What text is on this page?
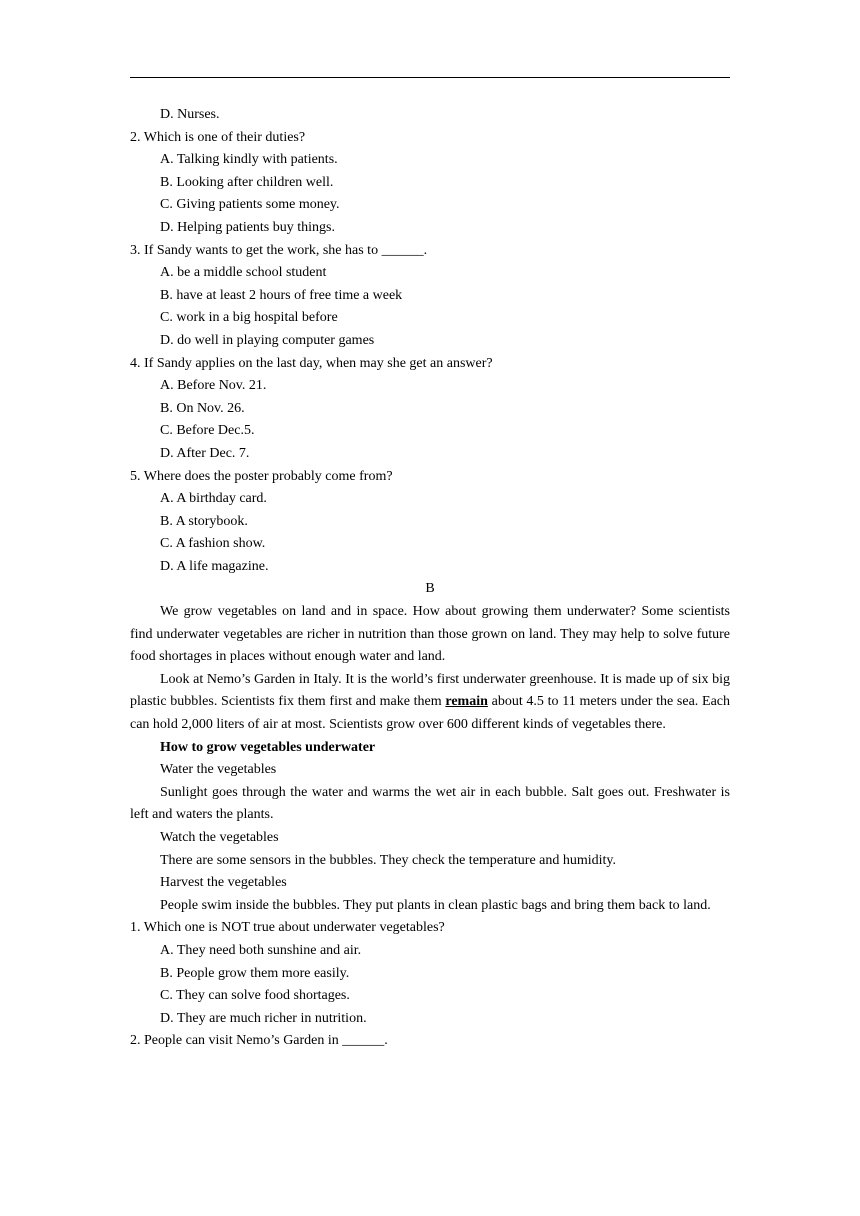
D. Nurses.

2. Which is one of their duties?

A. Talking kindly with patients.

B. Looking after children well.

C. Giving patients some money.

D. Helping patients buy things.

3. If Sandy wants to get the work, she has to ______.

A. be a middle school student

B. have at least 2 hours of free time a week

C. work in a big hospital before

D. do well in playing computer games

4. If Sandy applies on the last day, when may she get an answer?

A. Before Nov. 21.

B. On Nov. 26.

C. Before Dec.5.

D. After Dec. 7.

5. Where does the poster probably come from?

A. A birthday card.

B. A storybook.

C. A fashion show.

D. A life magazine.

B

We grow vegetables on land and in space. How about growing them underwater? Some scientists find underwater vegetables are richer in nutrition than those grown on land. They may help to solve future food shortages in places without enough water and land.

Look at Nemo’s Garden in Italy. It is the world’s first underwater greenhouse. It is made up of six big plastic bubbles. Scientists fix them first and make them remain about 4.5 to 11 meters under the sea. Each can hold 2,000 liters of air at most. Scientists grow over 600 different kinds of vegetables there.

How to grow vegetables underwater

Water the vegetables

Sunlight goes through the water and warms the wet air in each bubble. Salt goes out. Freshwater is left and waters the plants.

Watch the vegetables

There are some sensors in the bubbles. They check the temperature and humidity.

Harvest the vegetables

People swim inside the bubbles. They put plants in clean plastic bags and bring them back to land.

1. Which one is NOT true about underwater vegetables?

A. They need both sunshine and air.

B. People grow them more easily.

C. They can solve food shortages.

D. They are much richer in nutrition.

2. People can visit Nemo’s Garden in ______.
